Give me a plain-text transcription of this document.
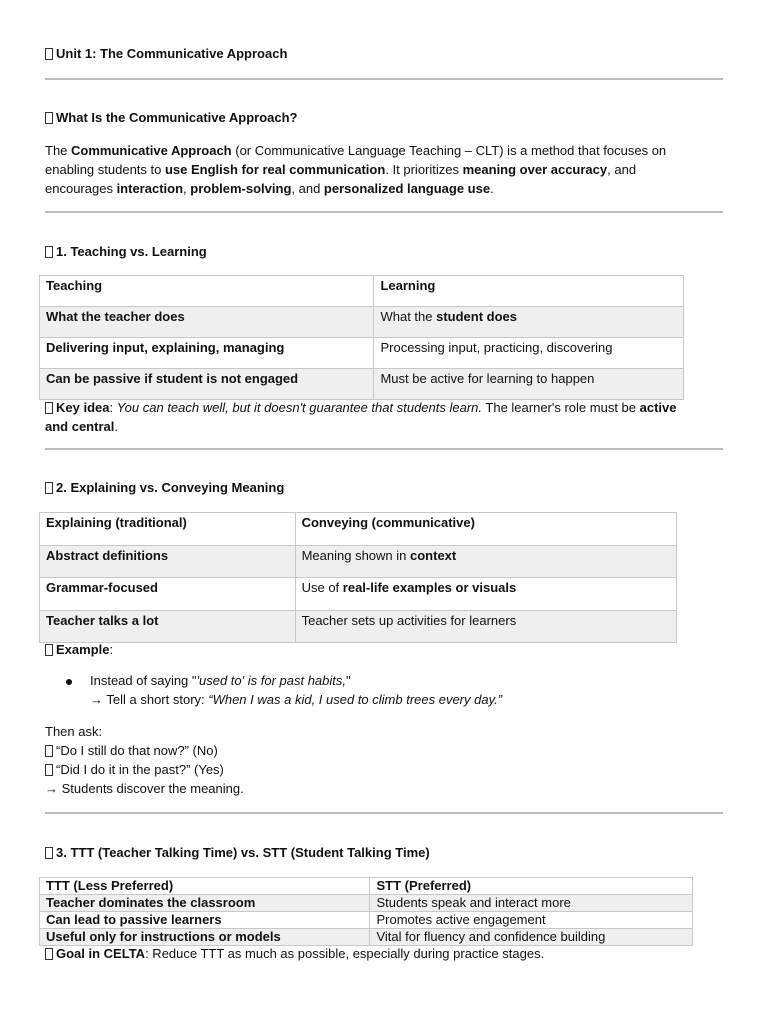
Unit 1: The Communicative Approach
What Is the Communicative Approach?
The Communicative Approach (or Communicative Language Teaching – CLT) is a method that focuses on
enabling students to use English for real communication. It prioritizes meaning over accuracy, and
encourages interaction, problem-solving, and personalized language use.
1. Teaching vs. Learning
Teaching	Learning
What the teacher does	What the student does
Delivering input, explaining, managing	Processing input, practicing, discovering
Can be passive if student is not engaged	Must be active for learning to happen
Key idea: You can teach well, but it doesn't guarantee that students learn. The learner's role must be active
and central.
2. Explaining vs. Conveying Meaning
Explaining (traditional)	Conveying (communicative)
Abstract definitions	Meaning shown in context
Grammar-focused	Use of real-life examples or visuals
Teacher talks a lot	Teacher sets up activities for learners
Example:
Instead of saying "'used to' is for past habits,"
→ Tell a short story: “When I was a kid, I used to climb trees every day.”
Then ask:
“Do I still do that now?” (No)
“Did I do it in the past?” (Yes)
→ Students discover the meaning.
3. TTT (Teacher Talking Time) vs. STT (Student Talking Time)
TTT (Less Preferred)	STT (Preferred)
Teacher dominates the classroom	Students speak and interact more
Can lead to passive learners	Promotes active engagement
Useful only for instructions or models	Vital for fluency and confidence building
Goal in CELTA: Reduce TTT as much as possible, especially during practice stages.
